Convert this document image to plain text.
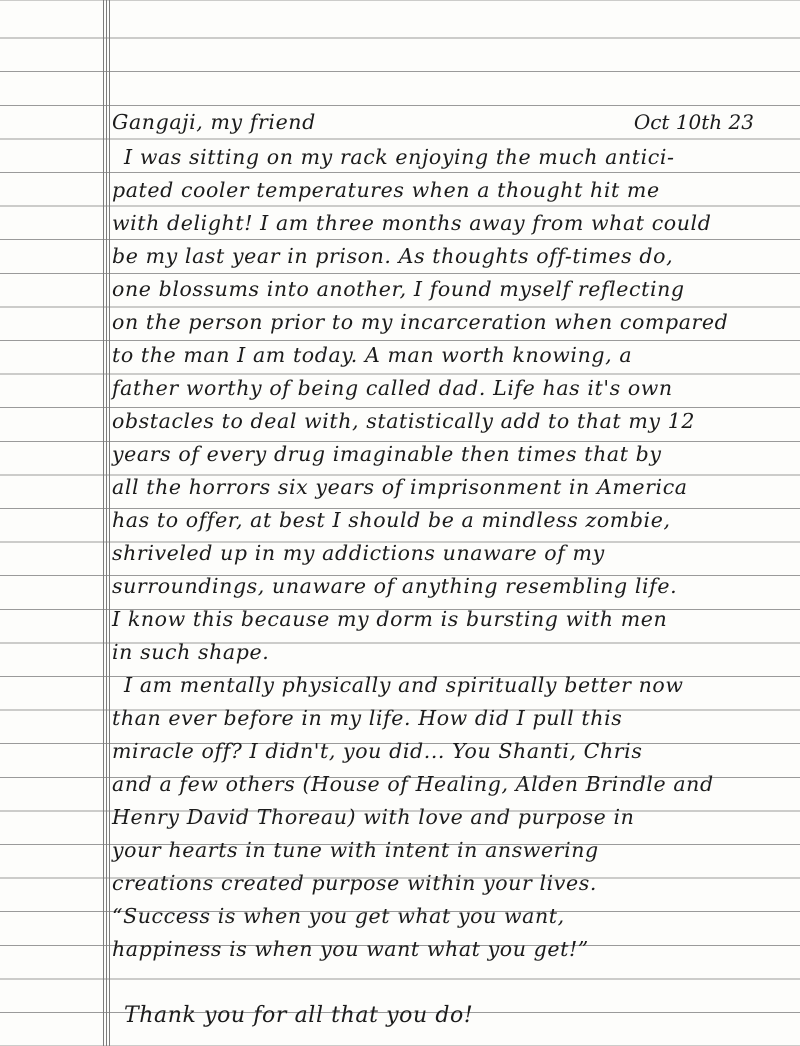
Gangaji, my friend	Oct 10th 23
I was sitting on my rack enjoying the much antici-
pated cooler temperatures when a thought hit me
with delight! I am three months away from what could
be my last year in prison. As thoughts off-times do,
one blossums into another, I found myself reflecting
on the person prior to my incarceration when compared
to the man I am today. A man worth knowing, a
father worthy of being called dad. Life has it's own
obstacles to deal with, statistically add to that my 12
years of every drug imaginable then times that by
all the horrors six years of imprisonment in America
has to offer, at best I should be a mindless zombie,
shriveled up in my addictions unaware of my
surroundings, unaware of anything resembling life.
I know this because my dorm is bursting with men
in such shape.
I am mentally physically and spiritually better now
than ever before in my life. How did I pull this
miracle off? I didn't, you did... You Shanti, Chris
and a few others (House of Healing, Alden Brindle and
Henry David Thoreau) with love and purpose in
your hearts in tune with intent in answering
creations created purpose within your lives.
“Success is when you get what you want,
happiness is when you want what you get!”
Thank you for all that you do!
